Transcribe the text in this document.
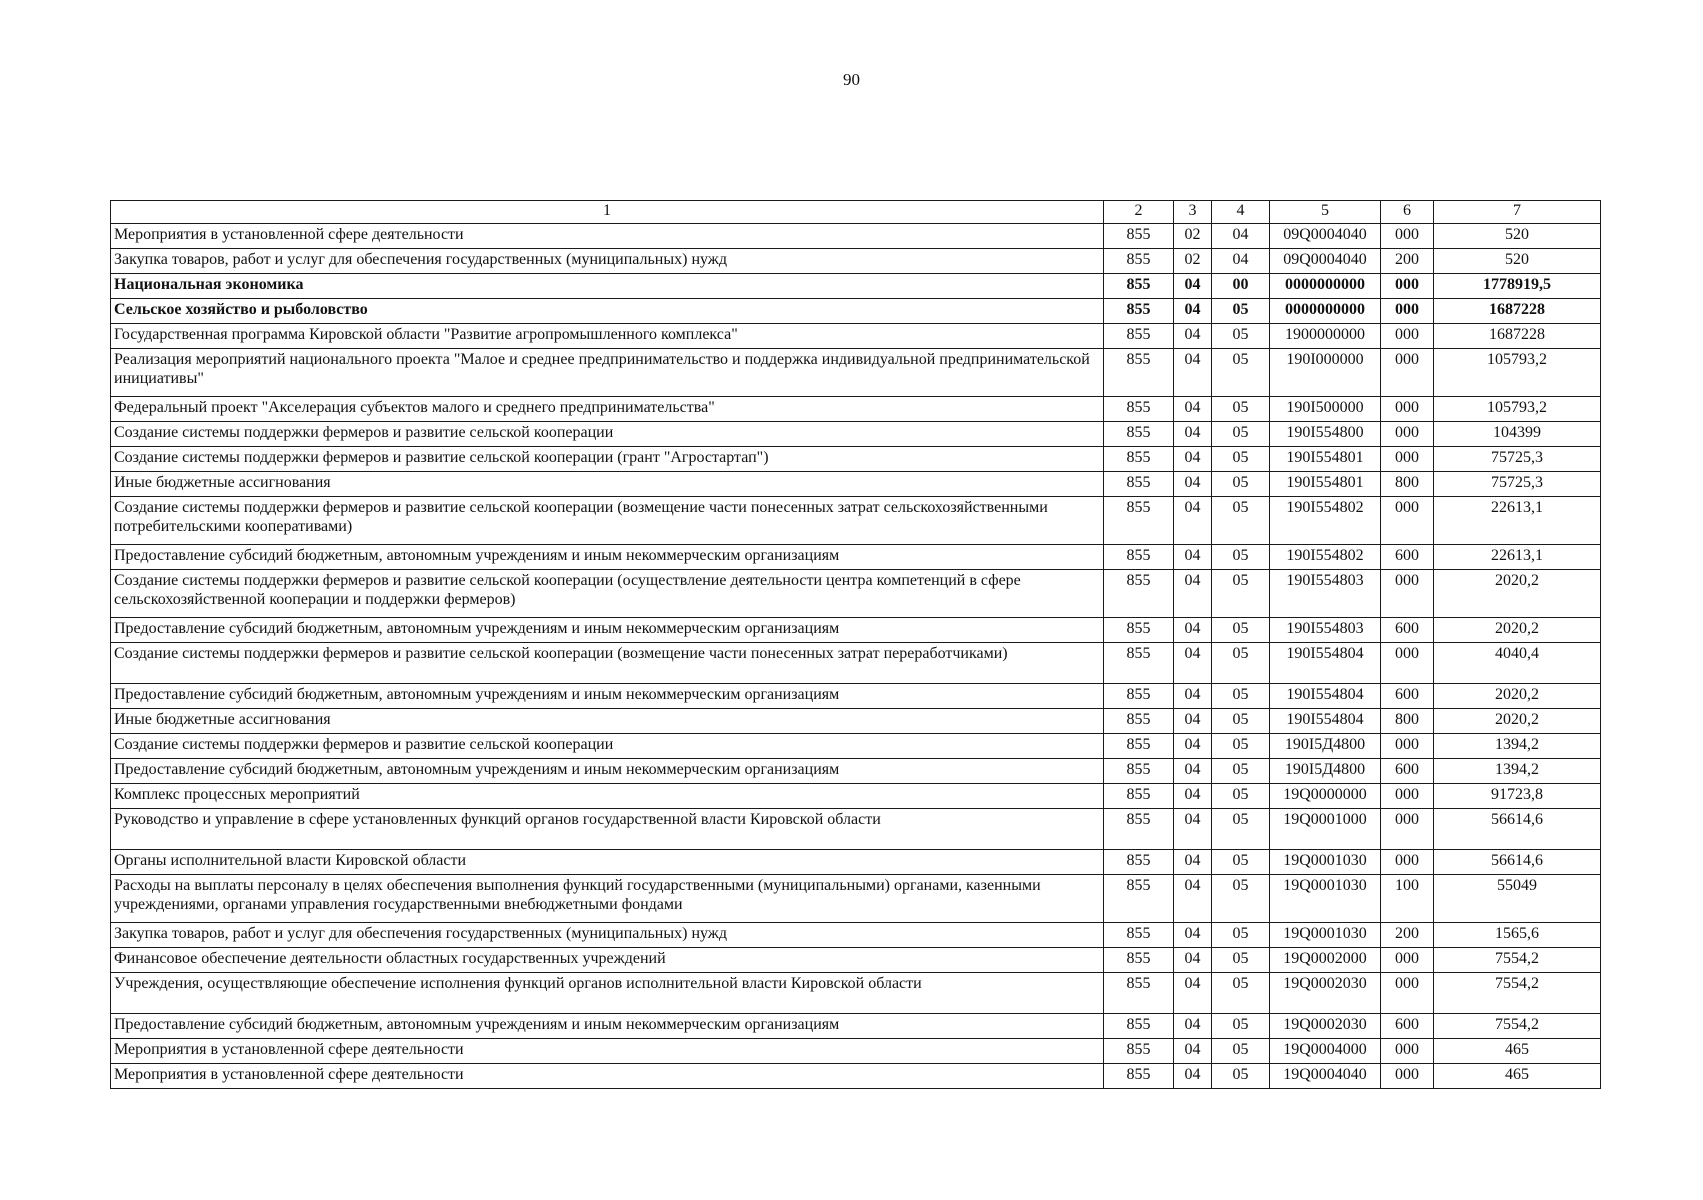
90
1	2	3	4	5	6	7
Мероприятия в установленной сфере деятельности	855	02	04	09Q0004040	000	520
Закупка товаров, работ и услуг для обеспечения государственных (муниципальных) нужд	855	02	04	09Q0004040	200	520
Национальная экономика	855	04	00	0000000000	000	1778919,5
Сельское хозяйство и рыболовство	855	04	05	0000000000	000	1687228
Государственная программа Кировской области "Развитие агропромышленного комплекса"	855	04	05	1900000000	000	1687228
Реализация мероприятий национального проекта "Малое и среднее предпринимательство и поддержка индивидуальной предпринимательской инициативы"	855	04	05	190I000000	000	105793,2
Федеральный проект "Акселерация субъектов малого и среднего предпринимательства"	855	04	05	190I500000	000	105793,2
Создание системы поддержки фермеров и развитие сельской кооперации	855	04	05	190I554800	000	104399
Создание системы поддержки фермеров и развитие сельской кооперации (грант "Агростартап")	855	04	05	190I554801	000	75725,3
Иные бюджетные ассигнования	855	04	05	190I554801	800	75725,3
Создание системы поддержки фермеров и развитие сельской кооперации (возмещение части понесенных затрат сельскохозяйственными потребительскими кооперативами)	855	04	05	190I554802	000	22613,1
Предоставление субсидий бюджетным, автономным учреждениям и иным некоммерческим организациям	855	04	05	190I554802	600	22613,1
Создание системы поддержки фермеров и развитие сельской кооперации (осуществление деятельности центра компетенций в сфере сельскохозяйственной кооперации и поддержки фермеров)	855	04	05	190I554803	000	2020,2
Предоставление субсидий бюджетным, автономным учреждениям и иным некоммерческим организациям	855	04	05	190I554803	600	2020,2
Создание системы поддержки фермеров и развитие сельской кооперации (возмещение части понесенных затрат переработчиками)	855	04	05	190I554804	000	4040,4
Предоставление субсидий бюджетным, автономным учреждениям и иным некоммерческим организациям	855	04	05	190I554804	600	2020,2
Иные бюджетные ассигнования	855	04	05	190I554804	800	2020,2
Создание системы поддержки фермеров и развитие сельской кооперации	855	04	05	190I5Д4800	000	1394,2
Предоставление субсидий бюджетным, автономным учреждениям и иным некоммерческим организациям	855	04	05	190I5Д4800	600	1394,2
Комплекс процессных мероприятий	855	04	05	19Q0000000	000	91723,8
Руководство и управление в сфере установленных функций органов государственной власти Кировской области	855	04	05	19Q0001000	000	56614,6
Органы исполнительной власти Кировской области	855	04	05	19Q0001030	000	56614,6
Расходы на выплаты персоналу в целях обеспечения выполнения функций государственными (муниципальными) органами, казенными учреждениями, органами управления государственными внебюджетными фондами	855	04	05	19Q0001030	100	55049
Закупка товаров, работ и услуг для обеспечения государственных (муниципальных) нужд	855	04	05	19Q0001030	200	1565,6
Финансовое обеспечение деятельности областных государственных учреждений	855	04	05	19Q0002000	000	7554,2
Учреждения, осуществляющие обеспечение исполнения функций органов исполнительной власти Кировской области	855	04	05	19Q0002030	000	7554,2
Предоставление субсидий бюджетным, автономным учреждениям и иным некоммерческим организациям	855	04	05	19Q0002030	600	7554,2
Мероприятия в установленной сфере деятельности	855	04	05	19Q0004000	000	465
Мероприятия в установленной сфере деятельности	855	04	05	19Q0004040	000	465
